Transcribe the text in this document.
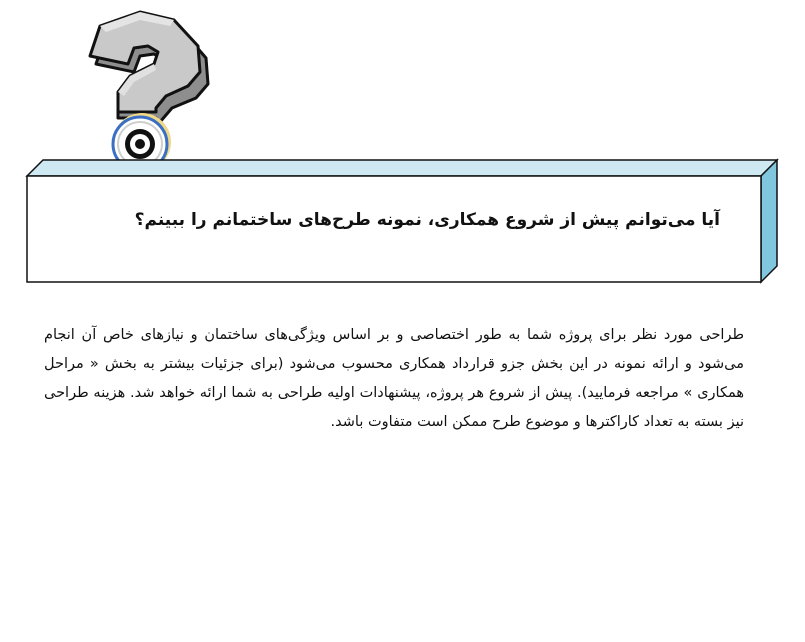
آیا می‌توانم پیش از شروع همکاری، نمونه طرح‌های ساختمانم را ببینم؟
طراحی مورد نظر برای پروژه شما به طور اختصاصی و بر اساس ویژگی‌های ساختمان و نیازهای خاص آن انجام می‌شود و ارائه نمونه در این بخش جزو قرارداد همکاری محسوب می‌شود (برای جزئیات بیشتر به بخش « مراحل همکاری » مراجعه فرمایید). پیش از شروع هر پروژه، پیشنهادات اولیه طراحی به شما ارائه خواهد شد. هزینه طراحی نیز بسته به تعداد کاراکترها و موضوع طرح ممکن است متفاوت باشد.
